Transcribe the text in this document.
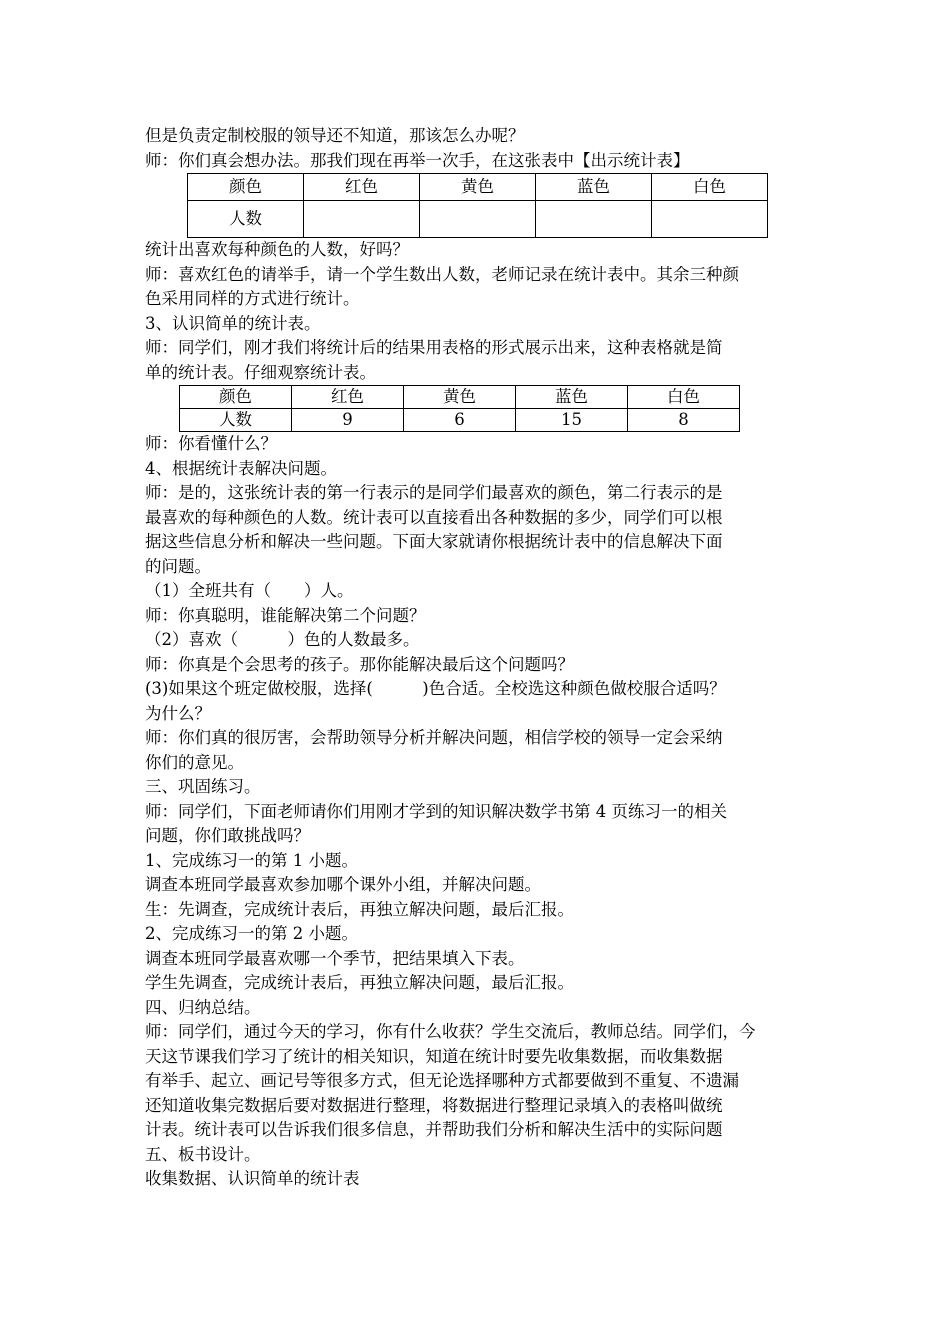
但是负责定制校服的领导还不知道，那该怎么办呢？

师：你们真会想办法。那我们现在再举一次手，在这张表中【出示统计表】

颜色	红色	黄色	蓝色	白色
人数				

统计出喜欢每种颜色的人数，好吗？

师：喜欢红色的请举手，请一个学生数出人数，老师记录在统计表中。其余三种颜

色采用同样的方式进行统计。

3、认识简单的统计表。

师：同学们，刚才我们将统计后的结果用表格的形式展示出来，这种表格就是简

单的统计表。仔细观察统计表。

颜色	红色	黄色	蓝色	白色
人数	9	6	15	8

师：你看懂什么？

4、根据统计表解决问题。

师：是的，这张统计表的第一行表示的是同学们最喜欢的颜色，第二行表示的是

最喜欢的每种颜色的人数。统计表可以直接看出各种数据的多少，同学们可以根

据这些信息分析和解决一些问题。下面大家就请你根据统计表中的信息解决下面

的问题。

（1）全班共有（　　）人。

师：你真聪明，谁能解决第二个问题？

（2）喜欢（　　　）色的人数最多。

师：你真是个会思考的孩子。那你能解决最后这个问题吗？

(3)如果这个班定做校服，选择(　　　)色合适。全校选这种颜色做校服合适吗？

为什么？

师：你们真的很厉害，会帮助领导分析并解决问题，相信学校的领导一定会采纳

你们的意见。

三、巩固练习。

师：同学们，下面老师请你们用刚才学到的知识解决数学书第 4 页练习一的相关

问题，你们敢挑战吗？

1、完成练习一的第 1 小题。

调查本班同学最喜欢参加哪个课外小组，并解决问题。

生：先调查，完成统计表后，再独立解决问题，最后汇报。

2、完成练习一的第 2 小题。

调查本班同学最喜欢哪一个季节，把结果填入下表。

学生先调查，完成统计表后，再独立解决问题，最后汇报。

四、归纳总结。

师：同学们，通过今天的学习，你有什么收获？学生交流后，教师总结。同学们，今

天这节课我们学习了统计的相关知识，知道在统计时要先收集数据，而收集数据

有举手、起立、画记号等很多方式，但无论选择哪种方式都要做到不重复、不遗漏

还知道收集完数据后要对数据进行整理，将数据进行整理记录填入的表格叫做统

计表。统计表可以告诉我们很多信息，并帮助我们分析和解决生活中的实际问题

五、板书设计。

收集数据、认识简单的统计表
